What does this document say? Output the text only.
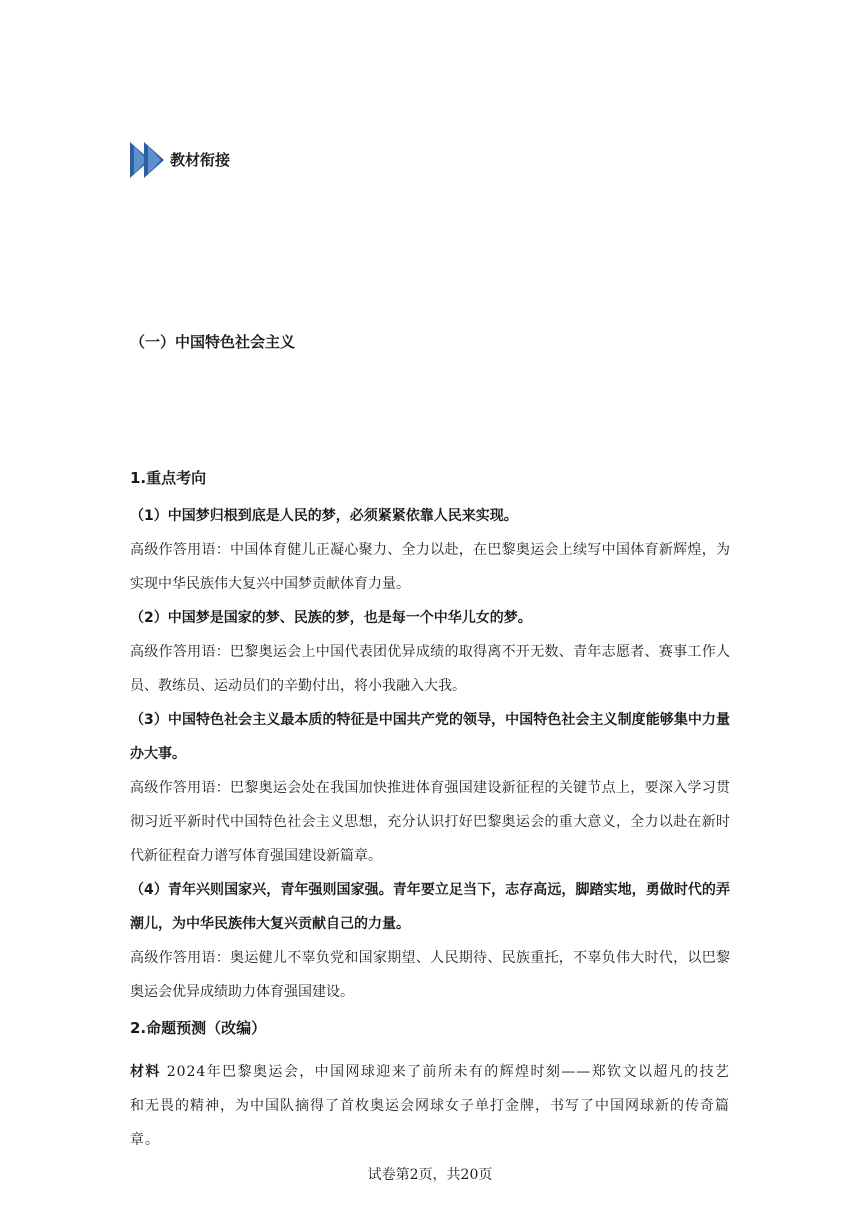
教材衔接
（一）中国特色社会主义
1.重点考向
（1）中国梦归根到底是人民的梦，必须紧紧依靠人民来实现。
高级作答用语：中国体育健儿正凝心聚力、全力以赴，在巴黎奥运会上续写中国体育新辉煌，为实现中华民族伟大复兴中国梦贡献体育力量。
（2）中国梦是国家的梦、民族的梦，也是每一个中华儿女的梦。
高级作答用语：巴黎奥运会上中国代表团优异成绩的取得离不开无数、青年志愿者、赛事工作人员、教练员、运动员们的辛勤付出，将小我融入大我。
（3）中国特色社会主义最本质的特征是中国共产党的领导，中国特色社会主义制度能够集中力量办大事。
高级作答用语：巴黎奥运会处在我国加快推进体育强国建设新征程的关键节点上，要深入学习贯彻习近平新时代中国特色社会主义思想，充分认识打好巴黎奥运会的重大意义，全力以赴在新时代新征程奋力谱写体育强国建设新篇章。
（4）青年兴则国家兴，青年强则国家强。青年要立足当下，志存高远，脚踏实地，勇做时代的弄潮儿，为中华民族伟大复兴贡献自己的力量。
高级作答用语：奥运健儿不辜负党和国家期望、人民期待、民族重托，不辜负伟大时代，以巴黎奥运会优异成绩助力体育强国建设。
2.命题预测（改编）
材料 2024年巴黎奥运会，中国网球迎来了前所未有的辉煌时刻——郑钦文以超凡的技艺和无畏的精神，为中国队摘得了首枚奥运会网球女子单打金牌，书写了中国网球新的传奇篇章。
试卷第2页，共20页
